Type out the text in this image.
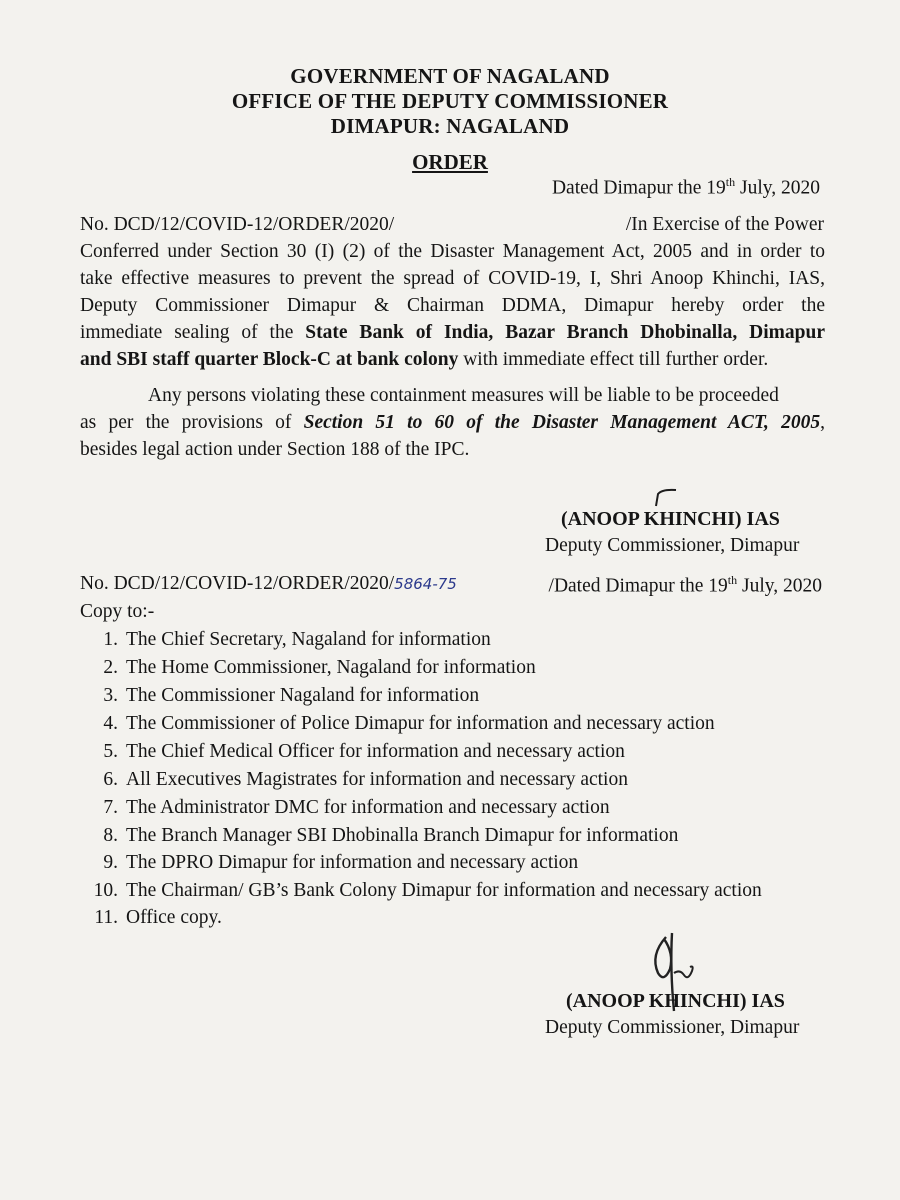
GOVERNMENT OF NAGALAND
OFFICE OF THE DEPUTY COMMISSIONER
DIMAPUR: NAGALAND
ORDER
Dated Dimapur the 19th July, 2020
No. DCD/12/COVID-12/ORDER/2020/	/In Exercise of the Power
Conferred under Section 30 (I) (2) of the Disaster Management Act, 2005 and in order to
take effective measures to prevent the spread of COVID-19, I, Shri Anoop Khinchi, IAS,
Deputy Commissioner Dimapur & Chairman DDMA, Dimapur hereby order the
immediate sealing of the State Bank of India, Bazar Branch Dhobinalla, Dimapur
and SBI staff quarter Block-C at bank colony with immediate effect till further order.
Any persons violating these containment measures will be liable to be proceeded
as per the provisions of Section 51 to 60 of the Disaster Management ACT, 2005,
besides legal action under Section 188 of the IPC.
(ANOOP KHINCHI) IAS
Deputy Commissioner, Dimapur
No. DCD/12/COVID-12/ORDER/2020/5864-75	/Dated Dimapur the 19th July, 2020
Copy to:-
1. The Chief Secretary, Nagaland for information
2. The Home Commissioner, Nagaland for information
3. The Commissioner Nagaland for information
4. The Commissioner of Police Dimapur for information and necessary action
5. The Chief Medical Officer for information and necessary action
6. All Executives Magistrates for information and necessary action
7. The Administrator DMC for information and necessary action
8. The Branch Manager SBI Dhobinalla Branch Dimapur for information
9. The DPRO Dimapur for information and necessary action
10. The Chairman/ GB’s Bank Colony Dimapur for information and necessary action
11. Office copy.
(ANOOP KHINCHI) IAS
Deputy Commissioner, Dimapur
